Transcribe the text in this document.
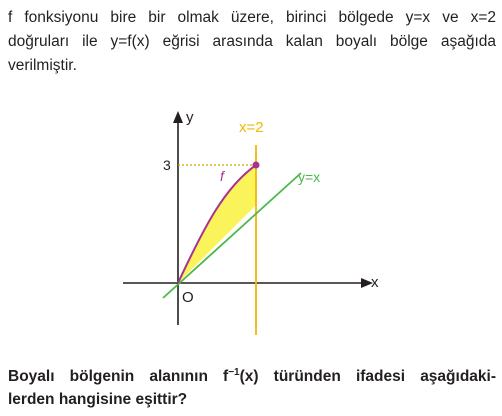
f fonksiyonu bire bir olmak üzere, birinci bölgede y=x ve x=2
doğruları ile y=f(x) eğrisi arasında kalan boyalı bölge aşağıda
verilmiştir.

y
x
O
3
x=2
y=x
f

Boyalı bölgenin alanının $f^{-1}(x)$ türünden ifadesi aşağıdaki-
lerden hangisine eşittir?
